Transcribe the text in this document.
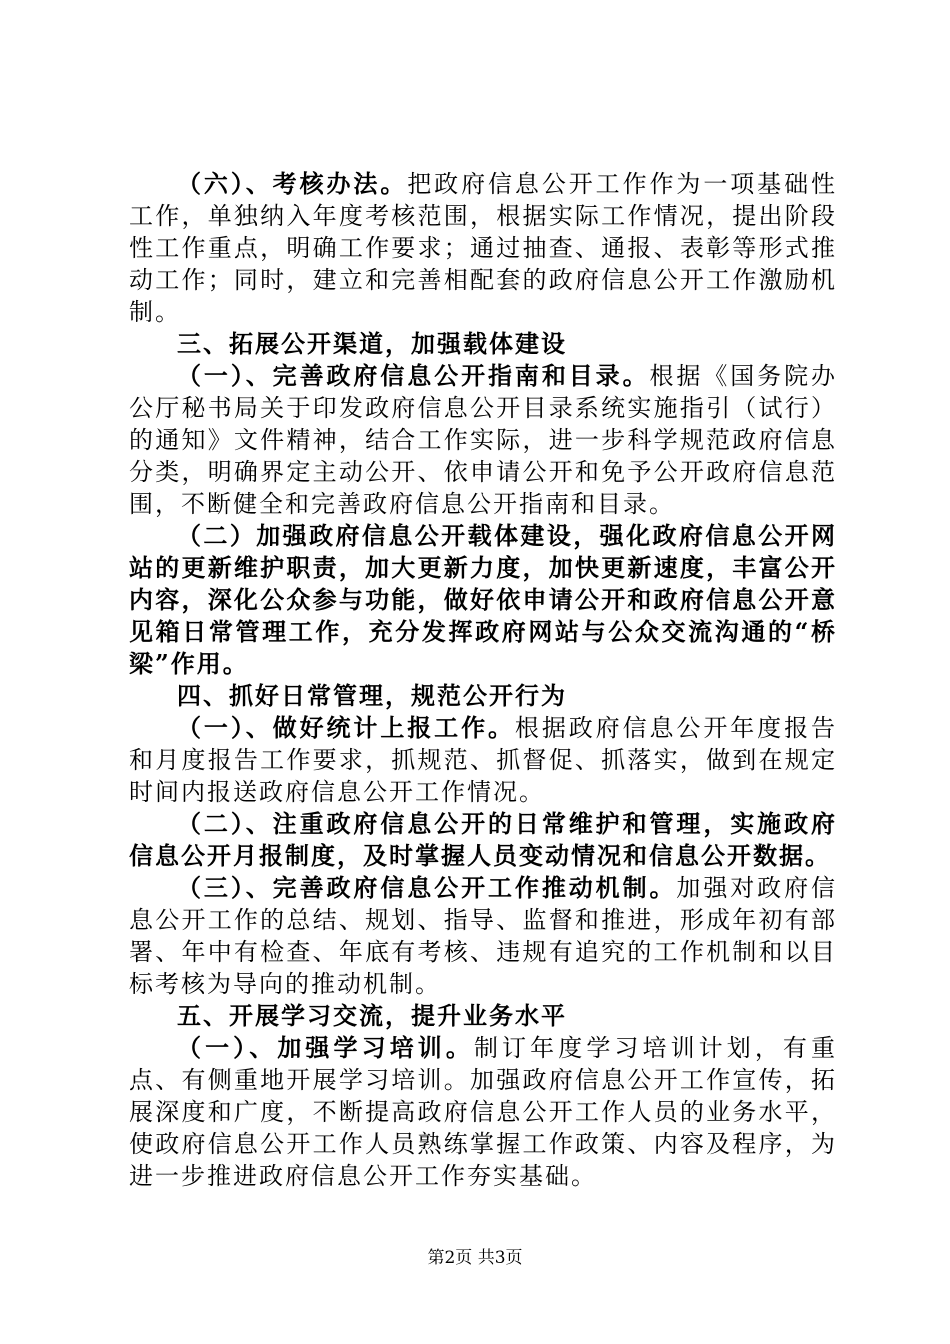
（六）、考核办法。把政府信息公开工作作为一项基础性工作，单独纳入年度考核范围，根据实际工作情况，提出阶段性工作重点，明确工作要求；通过抽查、通报、表彰等形式推动工作；同时，建立和完善相配套的政府信息公开工作激励机制。

三、拓展公开渠道，加强载体建设

（一）、完善政府信息公开指南和目录。根据《国务院办公厅秘书局关于印发政府信息公开目录系统实施指引（试行）的通知》文件精神，结合工作实际，进一步科学规范政府信息分类，明确界定主动公开、依申请公开和免予公开政府信息范围，不断健全和完善政府信息公开指南和目录。

（二）加强政府信息公开载体建设，强化政府信息公开网站的更新维护职责，加大更新力度，加快更新速度，丰富公开内容，深化公众参与功能，做好依申请公开和政府信息公开意见箱日常管理工作，充分发挥政府网站与公众交流沟通的“桥梁”作用。

四、抓好日常管理，规范公开行为

（一）、做好统计上报工作。根据政府信息公开年度报告和月度报告工作要求，抓规范、抓督促、抓落实，做到在规定时间内报送政府信息公开工作情况。

（二）、注重政府信息公开的日常维护和管理，实施政府信息公开月报制度，及时掌握人员变动情况和信息公开数据。

（三）、完善政府信息公开工作推动机制。加强对政府信息公开工作的总结、规划、指导、监督和推进，形成年初有部署、年中有检查、年底有考核、违规有追究的工作机制和以目标考核为导向的推动机制。

五、开展学习交流，提升业务水平

（一）、加强学习培训。制订年度学习培训计划，有重点、有侧重地开展学习培训。加强政府信息公开工作宣传，拓展深度和广度，不断提高政府信息公开工作人员的业务水平，使政府信息公开工作人员熟练掌握工作政策、内容及程序，为进一步推进政府信息公开工作夯实基础。

第2页 共3页
